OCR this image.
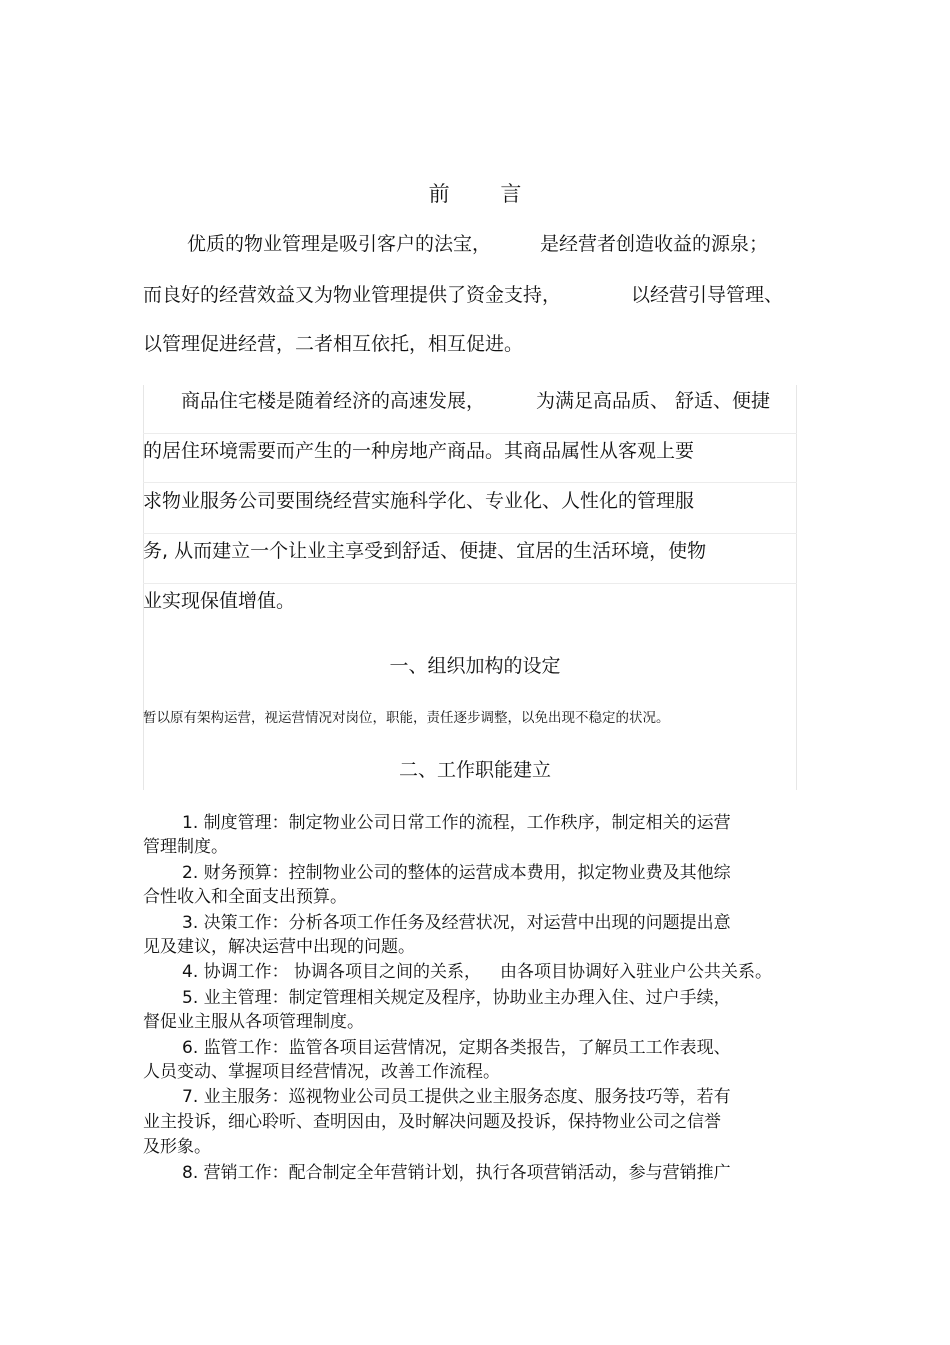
前 言
优质的物业管理是吸引客户的法宝，	是经营者创造收益的源泉；
而良好的经营效益又为物业管理提供了资金支持，	以经营引导管理、
以管理促进经营，二者相互依托，相互促进。
商品住宅楼是随着经济的高速发展，	为满足高品质、 舒适、便捷
的居住环境需要而产生的一种房地产商品。其商品属性从客观上要
求物业服务公司要围绕经营实施科学化、专业化、人性化的管理服
务, 从而建立一个让业主享受到舒适、便捷、宜居的生活环境，使物
业实现保值增值。
一、组织加构的设定
暂以原有架构运营，视运营情况对岗位，职能，责任逐步调整，以免出现不稳定的状况。
二、工作职能建立
1. 制度管理：制定物业公司日常工作的流程，工作秩序，制定相关的运营
管理制度。
2. 财务预算：控制物业公司的整体的运营成本费用，拟定物业费及其他综
合性收入和全面支出预算。
3. 决策工作：分析各项工作任务及经营状况，对运营中出现的问题提出意
见及建议，解决运营中出现的问题。
4. 协调工作： 协调各项目之间的关系， 由各项目协调好入驻业户公共关系。
5. 业主管理：制定管理相关规定及程序，协助业主办理入住、过户手续，
督促业主服从各项管理制度。
6. 监管工作：监管各项目运营情况，定期各类报告，了解员工工作表现、
人员变动、掌握项目经营情况，改善工作流程。
7. 业主服务：巡视物业公司员工提供之业主服务态度、服务技巧等，若有
业主投诉，细心聆听、查明因由，及时解决问题及投诉，保持物业公司之信誉
及形象。
8. 营销工作：配合制定全年营销计划，执行各项营销活动，参与营销推广
